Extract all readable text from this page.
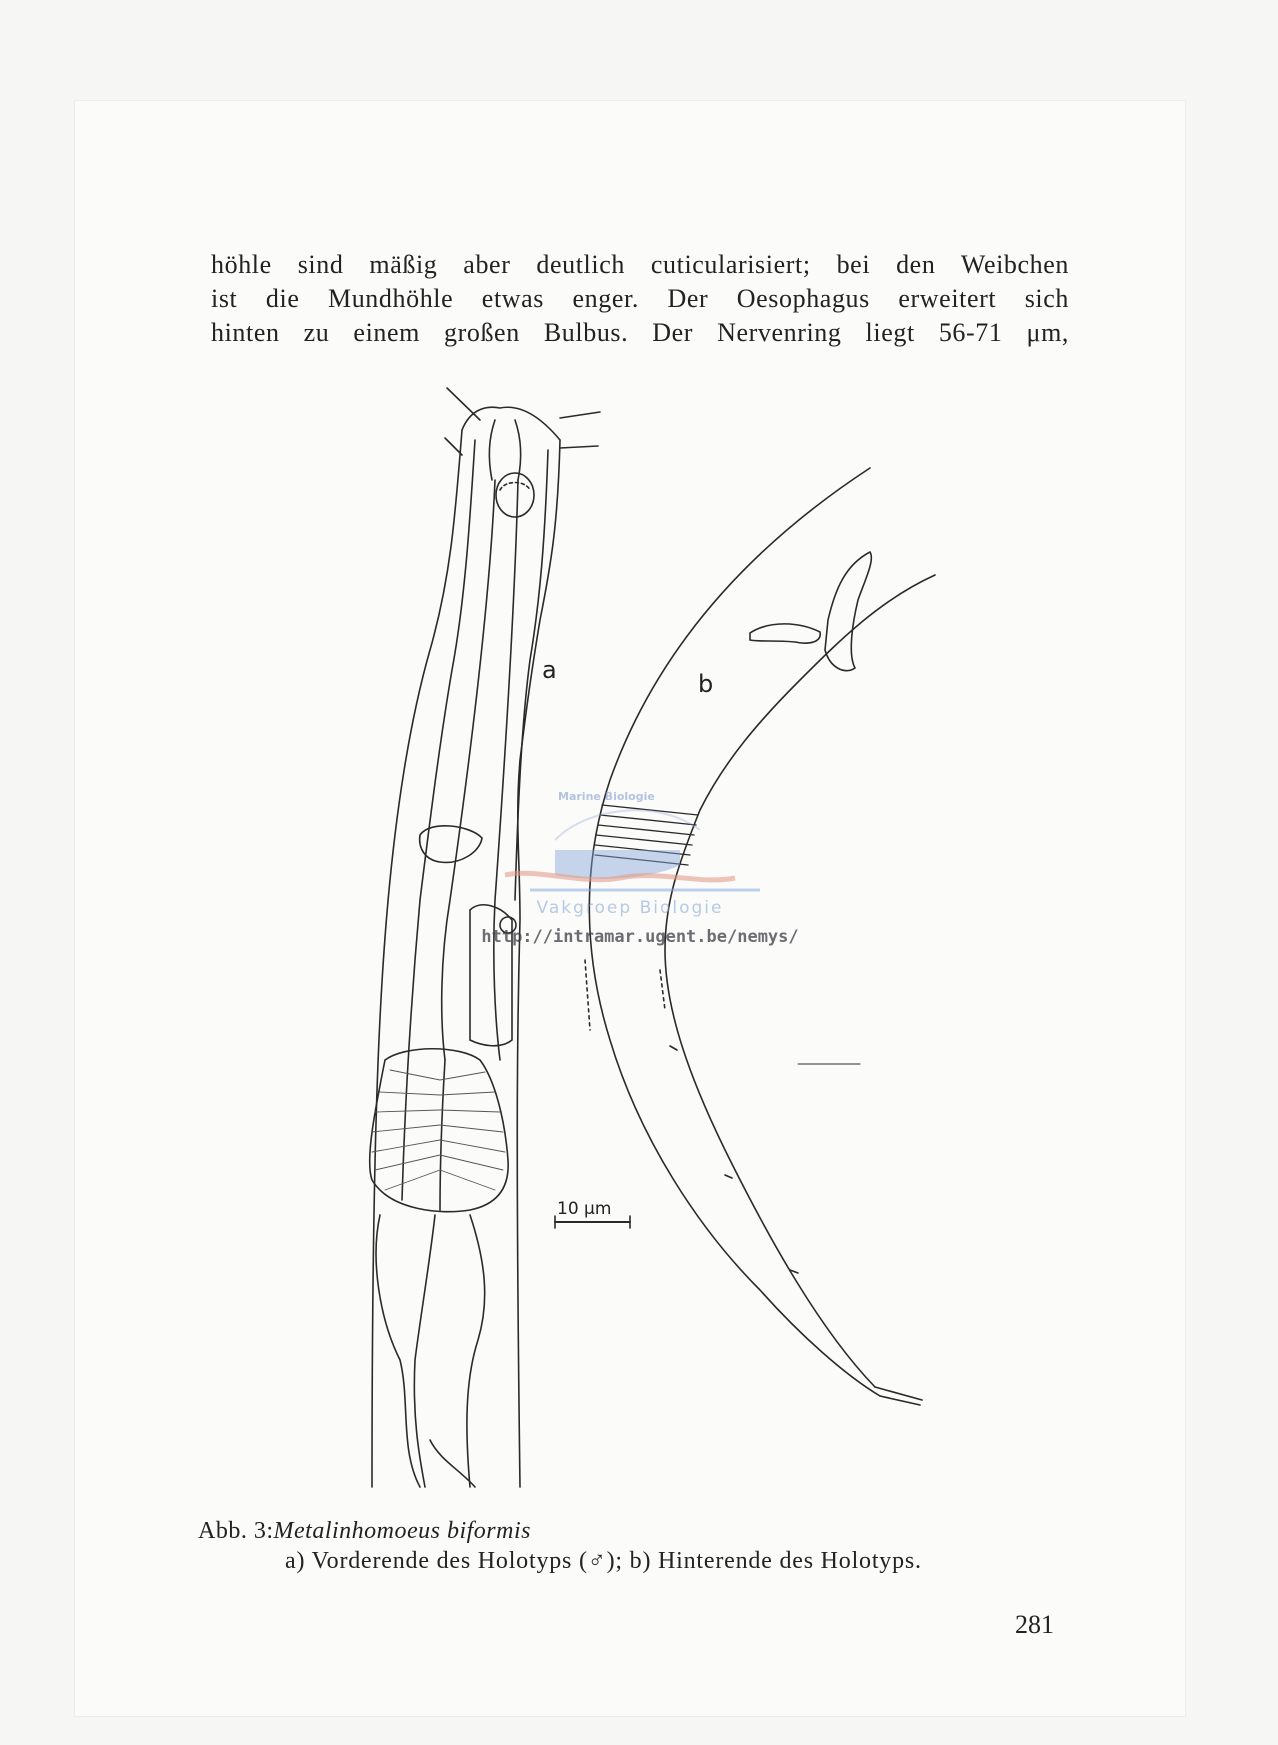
höhle sind mäßig aber deutlich cuticularisiert; bei den Weibchen
ist die Mundhöhle etwas enger. Der Oesophagus erweitert sich
hinten zu einem großen Bulbus. Der Nervenring liegt 56-71 μm,
a	b
10 μm
Marine Biologie
Vakgroep Biologie
http://intramar.ugent.be/nemys/
Abb. 3:Metalinhomoeus biformis
a) Vorderende des Holotyps (♂); b) Hinterende des Holotyps.
281
